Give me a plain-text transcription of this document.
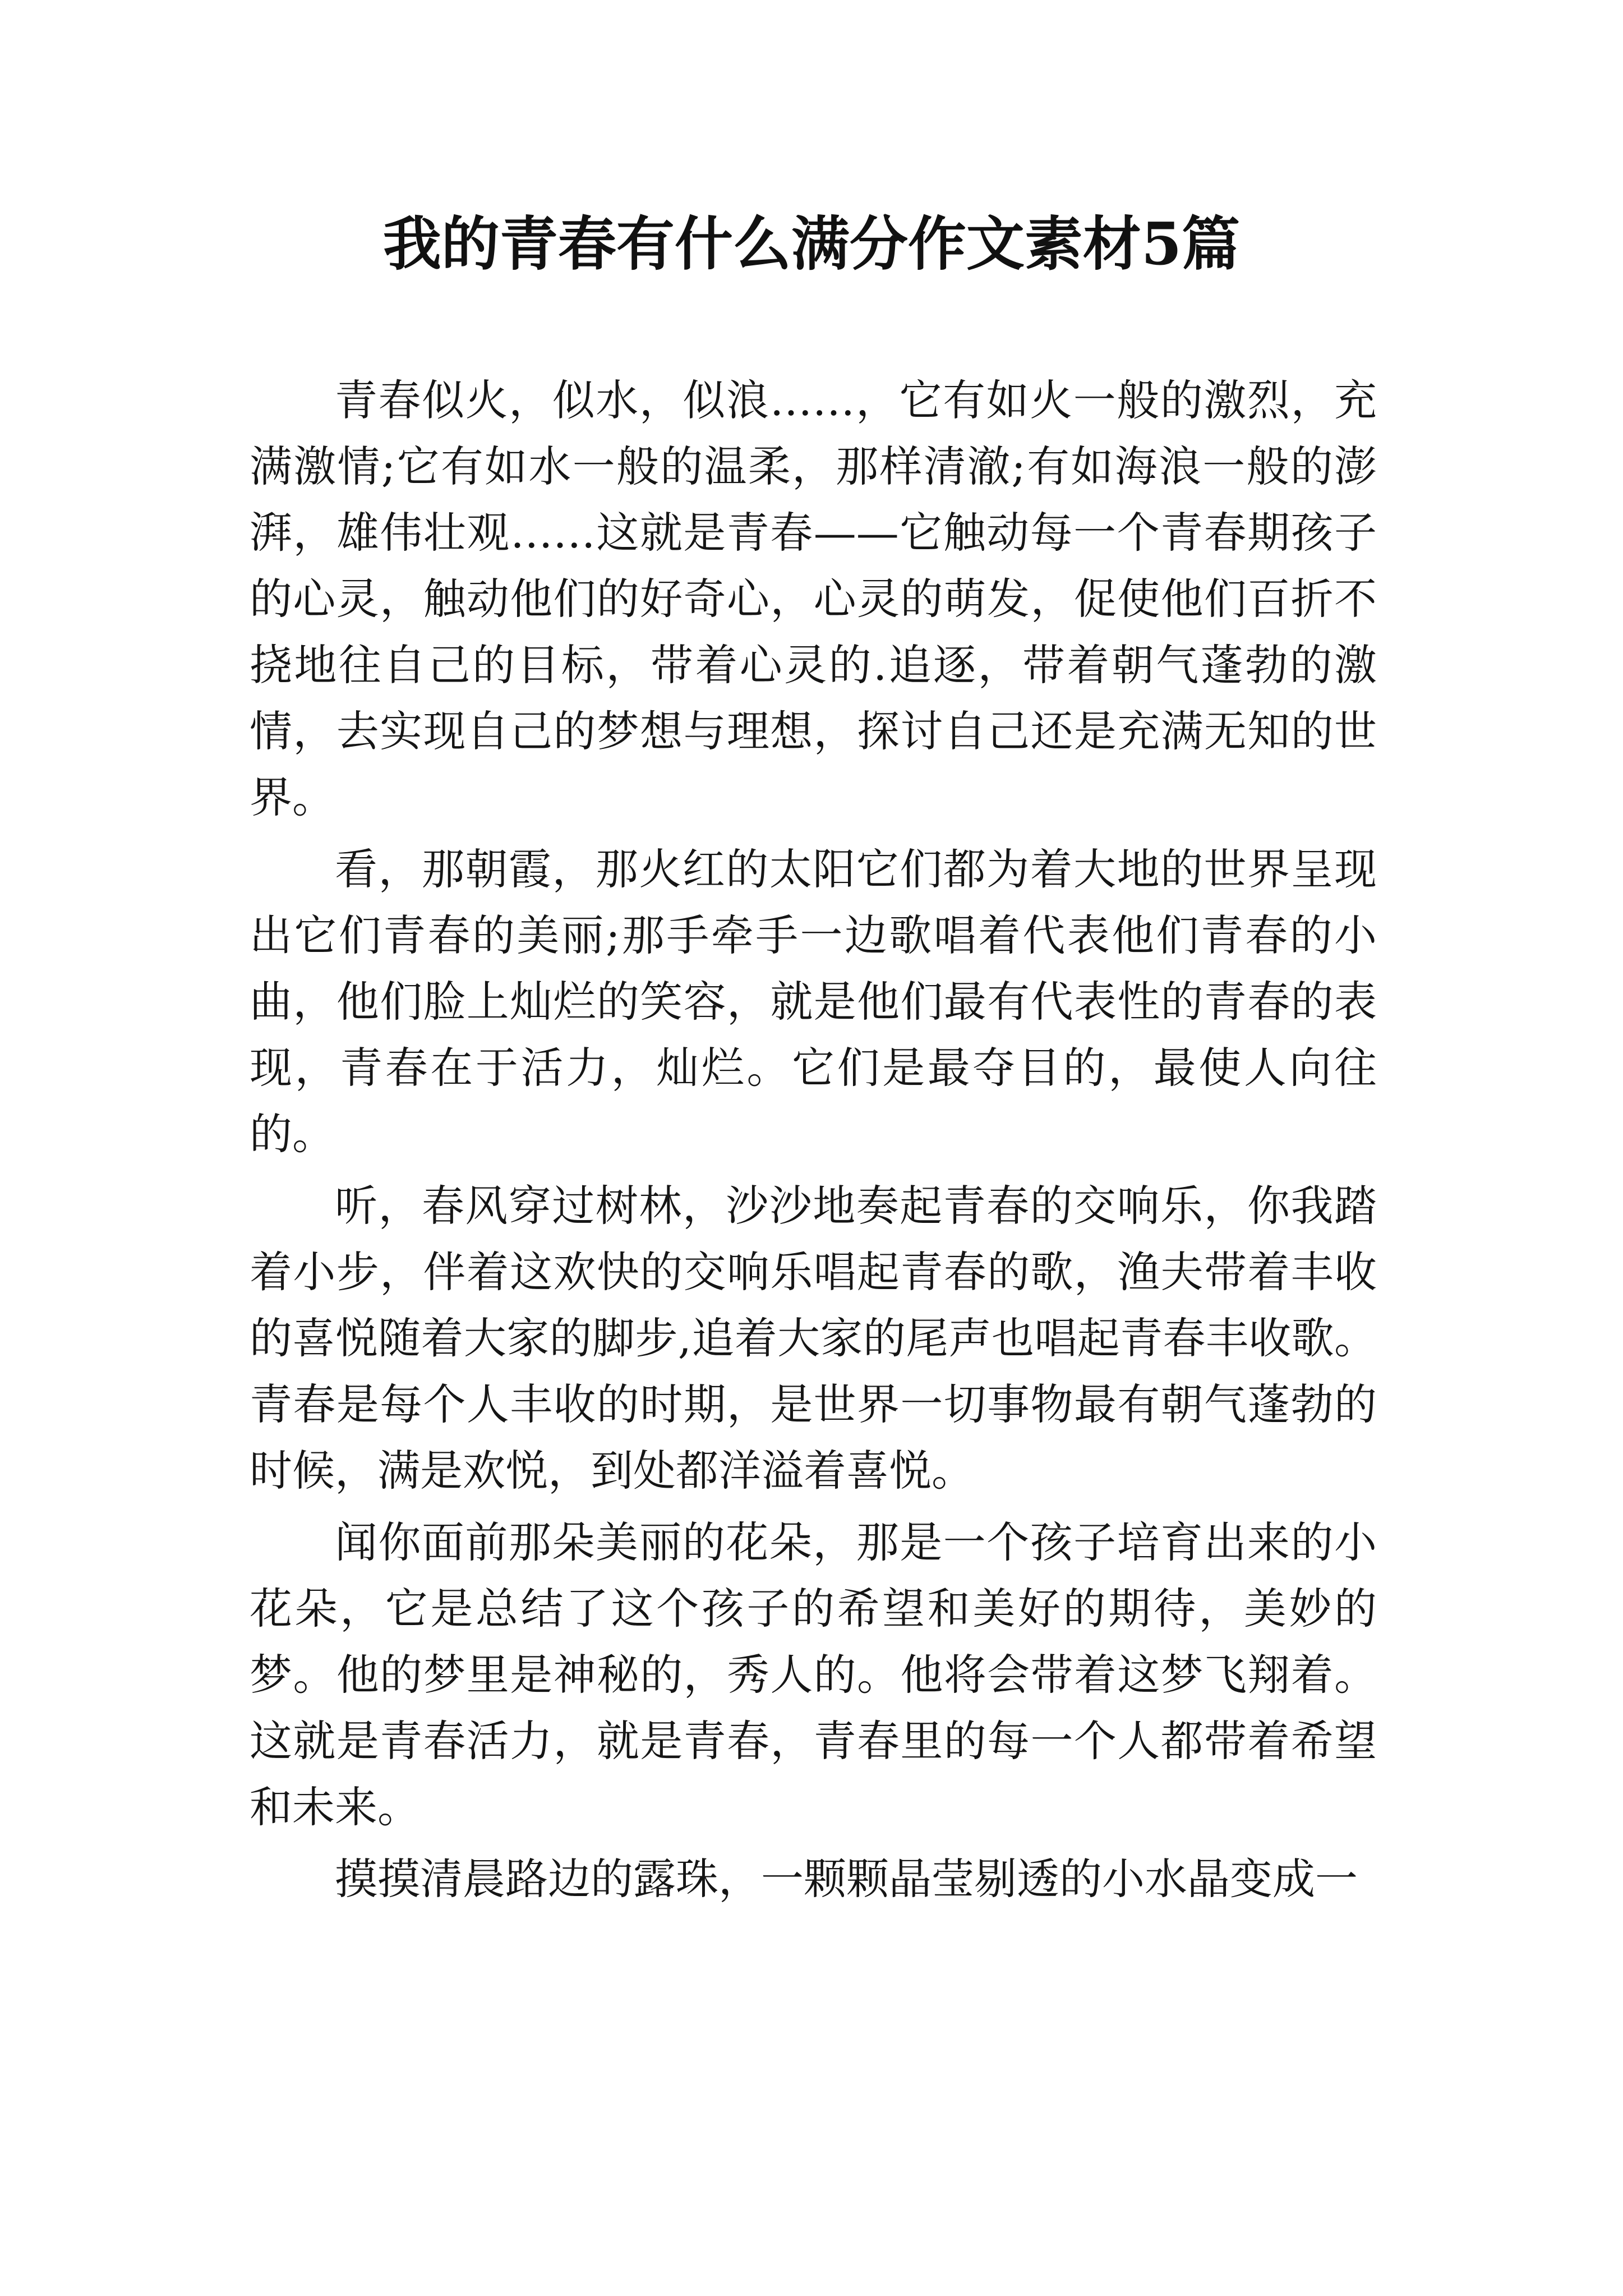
我的青春有什么满分作文素材5篇

青春似火，似水，似浪……，它有如火一般的激烈，充满激情;它有如水一般的温柔，那样清澈;有如海浪一般的澎湃，雄伟壮观……这就是青春——它触动每一个青春期孩子的心灵，触动他们的好奇心，心灵的萌发，促使他们百折不挠地往自己的目标，带着心灵的.追逐，带着朝气蓬勃的激情，去实现自己的梦想与理想，探讨自己还是充满无知的世界。

看，那朝霞，那火红的太阳它们都为着大地的世界呈现出它们青春的美丽;那手牵手一边歌唱着代表他们青春的小曲，他们脸上灿烂的笑容，就是他们最有代表性的青春的表现，青春在于活力，灿烂。它们是最夺目的，最使人向往的。

听，春风穿过树林，沙沙地奏起青春的交响乐，你我踏着小步，伴着这欢快的交响乐唱起青春的歌，渔夫带着丰收的喜悦随着大家的脚步,追着大家的尾声也唱起青春丰收歌。青春是每个人丰收的时期，是世界一切事物最有朝气蓬勃的时候，满是欢悦，到处都洋溢着喜悦。

闻你面前那朵美丽的花朵，那是一个孩子培育出来的小花朵，它是总结了这个孩子的希望和美好的期待，美妙的梦。他的梦里是神秘的，秀人的。他将会带着这梦飞翔着。这就是青春活力，就是青春，青春里的每一个人都带着希望和未来。

摸摸清晨路边的露珠，一颗颗晶莹剔透的小水晶变成一
